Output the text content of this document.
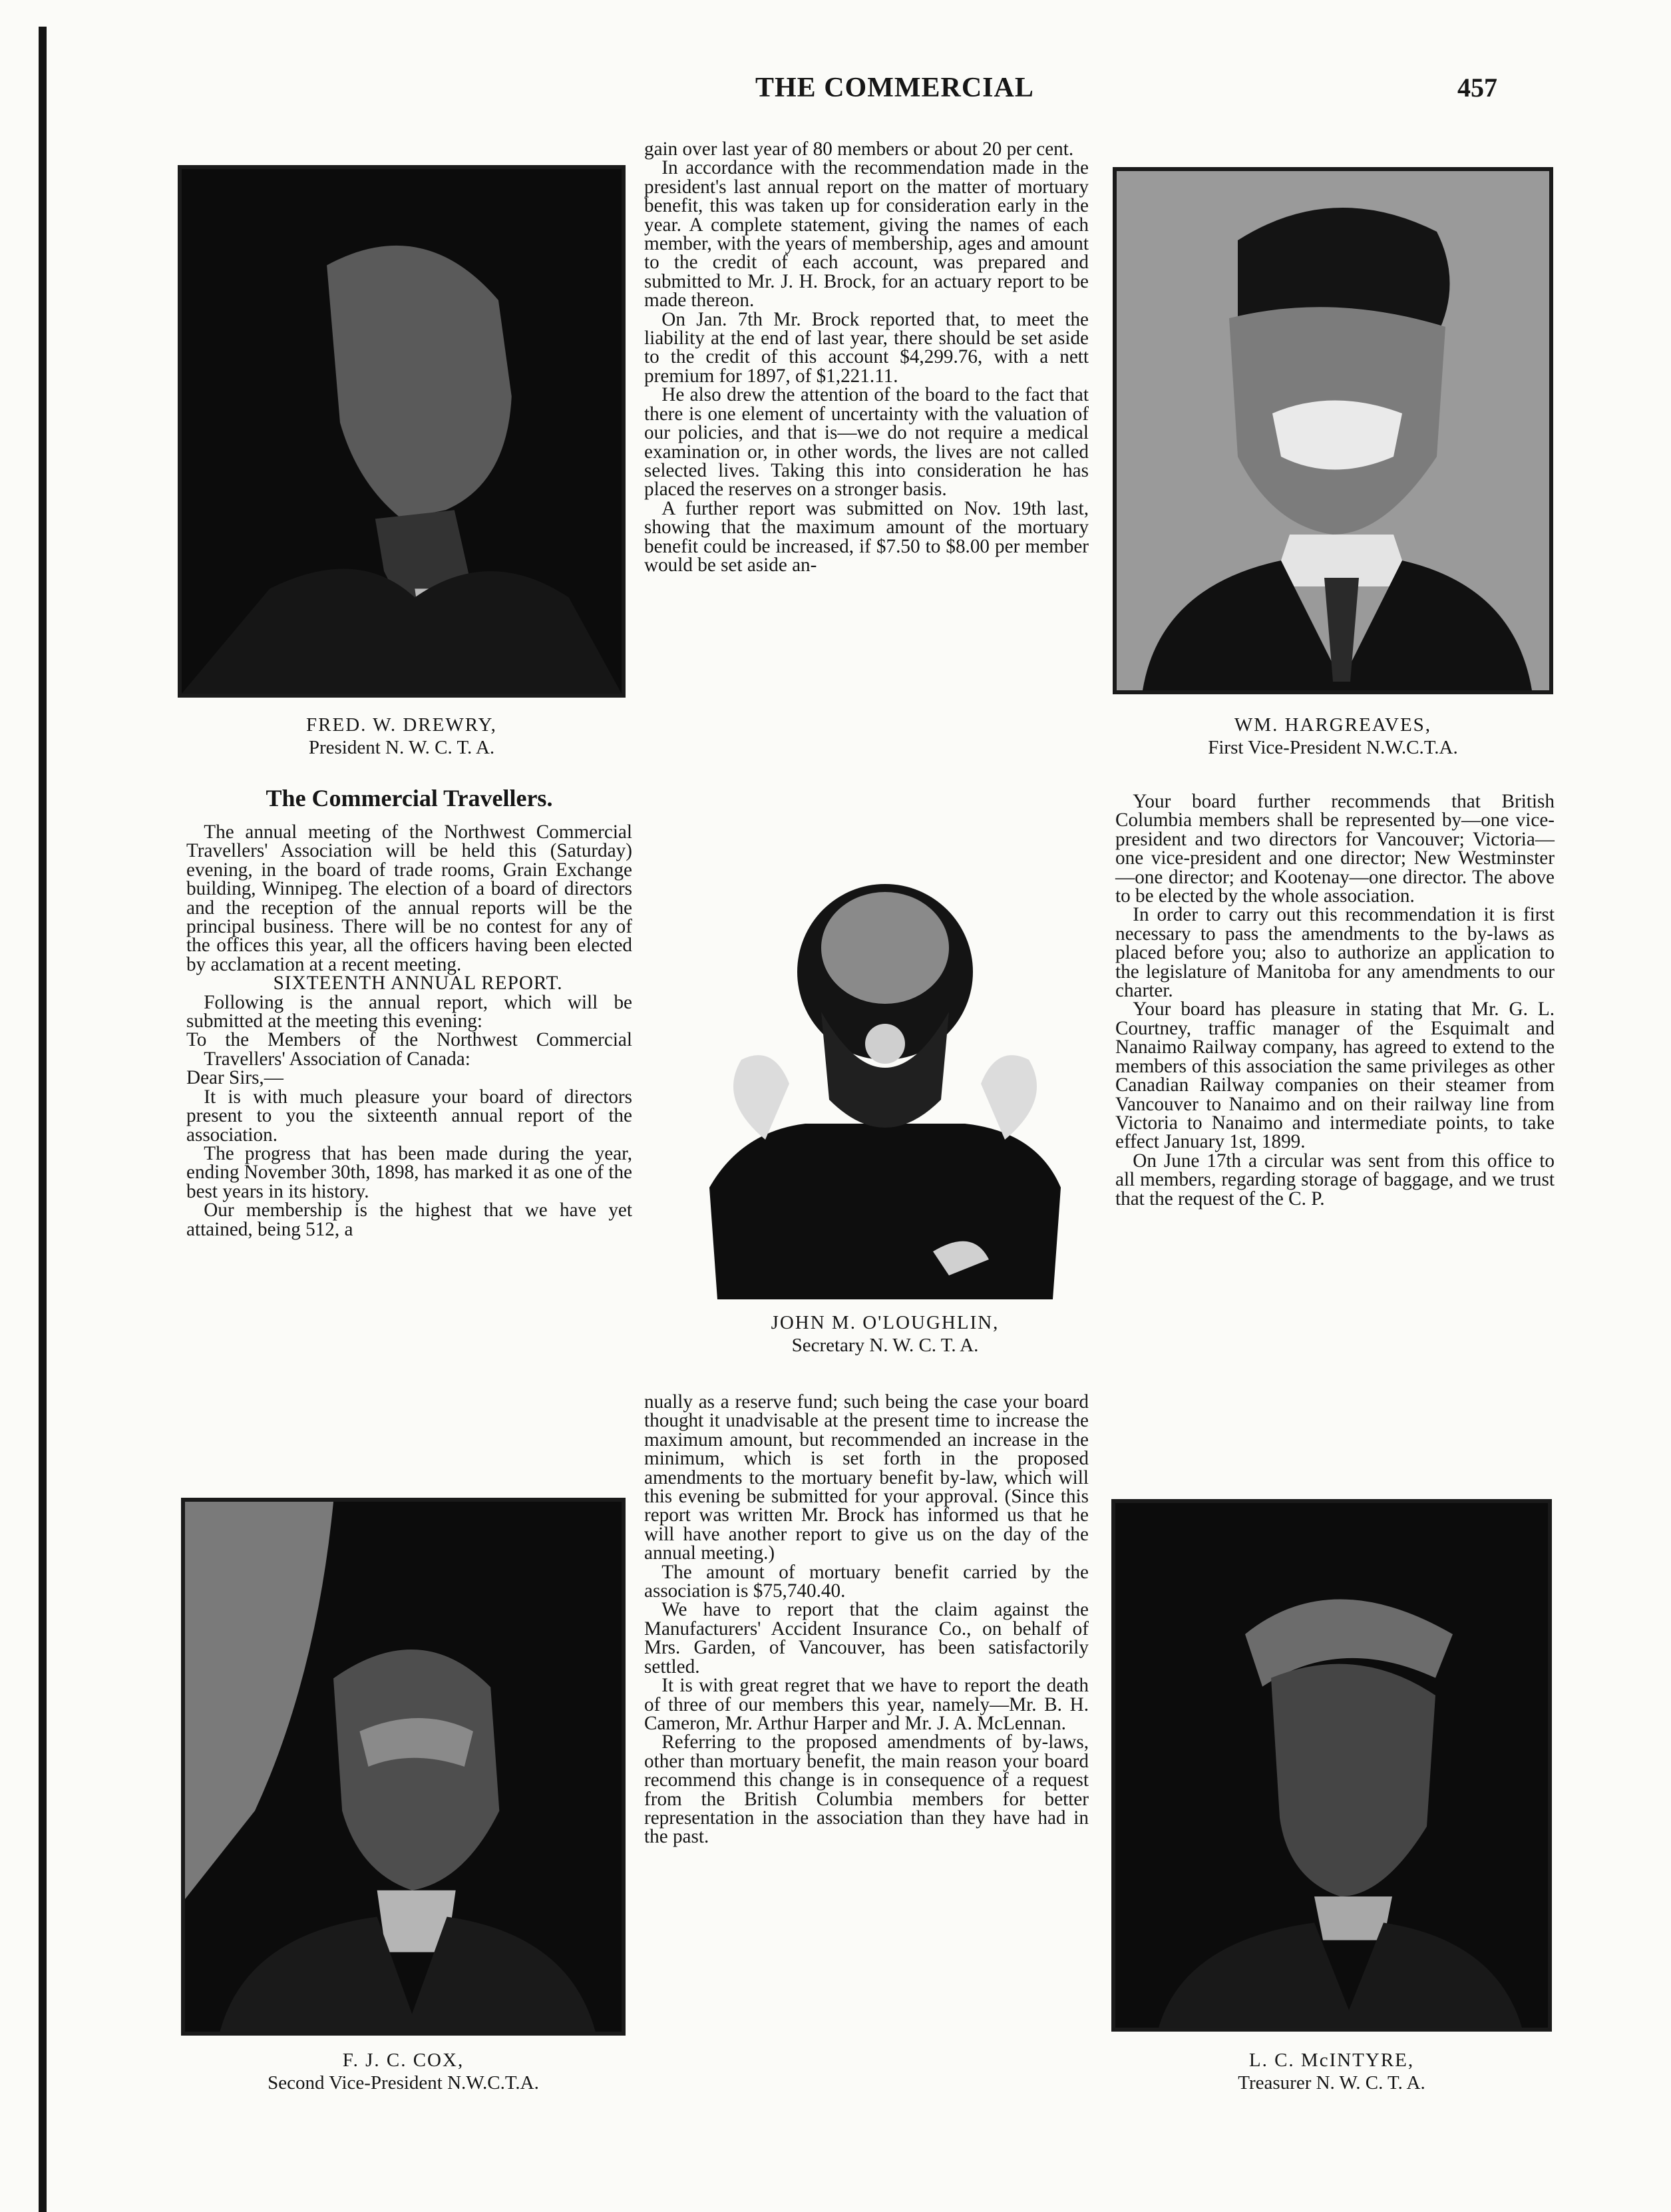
THE COMMERCIAL	457
FRED. W. DREWRY,
President N. W. C. T. A.
WM. HARGREAVES,
First Vice-President N.W.C.T.A.
JOHN M. O'LOUGHLIN,
Secretary N. W. C. T. A.
F. J. C. COX,
Second Vice-President N.W.C.T.A.
L. C. McINTYRE,
Treasurer N. W. C. T. A.
The Commercial Travellers.

The annual meeting of the Northwest Commercial Travellers' Association will be held this (Saturday) evening, in the board of trade rooms, Grain Exchange building, Winnipeg. The election of a board of directors and the reception of the annual reports will be the principal business. There will be no contest for any of the offices this year, all the officers having been elected by acclamation at a recent meeting.

SIXTEENTH ANNUAL REPORT.

Following is the annual report, which will be submitted at the meeting this evening:

To the Members of the Northwest Commercial Travellers' Association of Canada:

Dear Sirs,—

It is with much pleasure your board of directors present to you the sixteenth annual report of the association.

The progress that has been made during the year, ending November 30th, 1898, has marked it as one of the best years in its history.

Our membership is the highest that we have yet attained, being 512, a

gain over last year of 80 members or about 20 per cent.

In accordance with the recommendation made in the president's last annual report on the matter of mortuary benefit, this was taken up for consideration early in the year. A complete statement, giving the names of each member, with the years of membership, ages and amount to the credit of each account, was prepared and submitted to Mr. J. H. Brock, for an actuary report to be made thereon.

On Jan. 7th Mr. Brock reported that, to meet the liability at the end of last year, there should be set aside to the credit of this account $4,299.76, with a nett premium for 1897, of $1,221.11.

He also drew the attention of the board to the fact that there is one element of uncertainty with the valuation of our policies, and that is—we do not require a medical examination or, in other words, the lives are not called selected lives. Taking this into consideration he has placed the reserves on a stronger basis.

A further report was submitted on Nov. 19th last, showing that the maximum amount of the mortuary benefit could be increased, if $7.50 to $8.00 per member would be set aside an-

nually as a reserve fund; such being the case your board thought it unadvisable at the present time to increase the maximum amount, but recommended an increase in the minimum, which is set forth in the proposed amendments to the mortuary benefit by-law, which will this evening be submitted for your approval. (Since this report was written Mr. Brock has informed us that he will have another report to give us on the day of the annual meeting.)

The amount of mortuary benefit carried by the association is $75,740.40.

We have to report that the claim against the Manufacturers' Accident Insurance Co., on behalf of Mrs. Garden, of Vancouver, has been satisfactorily settled.

It is with great regret that we have to report the death of three of our members this year, namely—Mr. B. H. Cameron, Mr. Arthur Harper and Mr. J. A. McLennan.

Referring to the proposed amendments of by-laws, other than mortuary benefit, the main reason your board recommend this change is in consequence of a request from the British Columbia members for better representation in the association than they have had in the past.

Your board further recommends that British Columbia members shall be represented by—one vice-president and two directors for Vancouver; Victoria—one vice-president and one director; New Westminster—one director; and Kootenay—one director. The above to be elected by the whole association.

In order to carry out this recommendation it is first necessary to pass the amendments to the by-laws as placed before you; also to authorize an application to the legislature of Manitoba for any amendments to our charter.

Your board has pleasure in stating that Mr. G. L. Courtney, traffic manager of the Esquimalt and Nanaimo Railway company, has agreed to extend to the members of this association the same privileges as other Canadian Railway companies on their steamer from Vancouver to Nanaimo and on their railway line from Victoria to Nanaimo and intermediate points, to take effect January 1st, 1899.

On June 17th a circular was sent from this office to all members, regarding storage of baggage, and we trust that the request of the C. P.
